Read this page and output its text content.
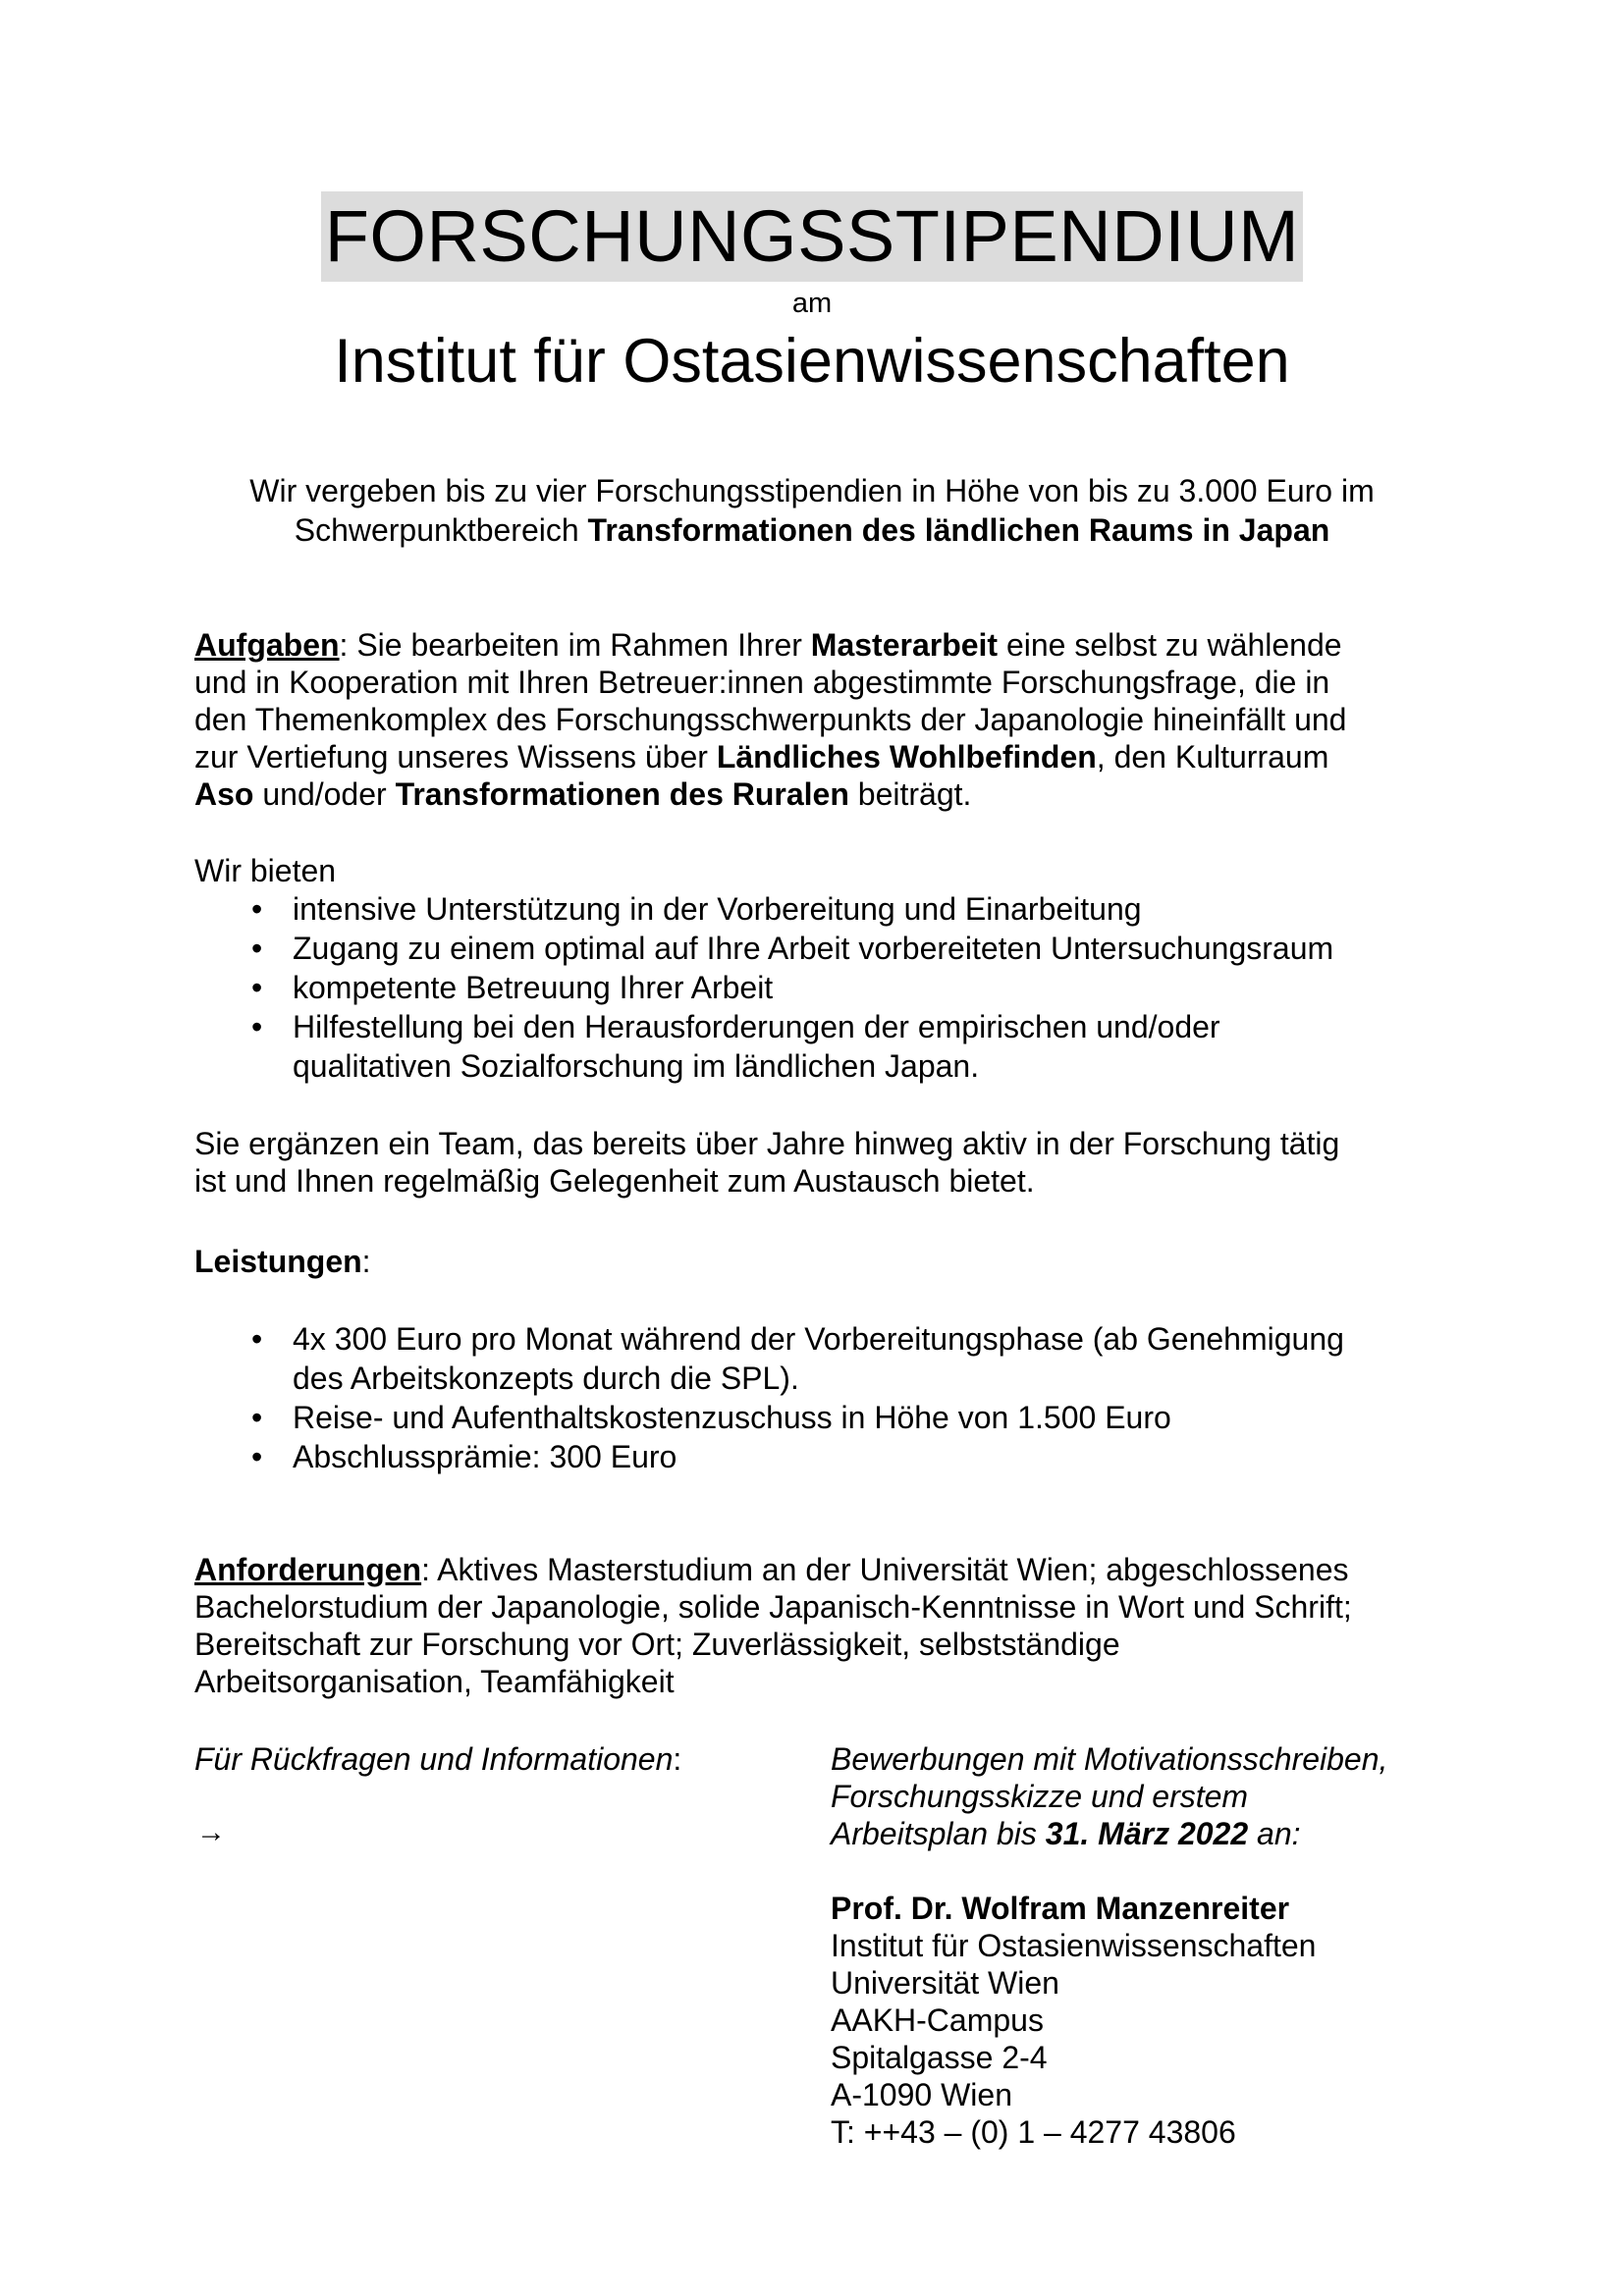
FORSCHUNGSSTIPENDIUM
am
Institut für Ostasienwissenschaften
Wir vergeben bis zu vier Forschungsstipendien in Höhe von bis zu 3.000 Euro im
Schwerpunktbereich Transformationen des ländlichen Raums in Japan
Aufgaben: Sie bearbeiten im Rahmen Ihrer Masterarbeit eine selbst zu wählende
und in Kooperation mit Ihren Betreuer:innen abgestimmte Forschungsfrage, die in
den Themenkomplex des Forschungsschwerpunkts der Japanologie hineinfällt und
zur Vertiefung unseres Wissens über Ländliches Wohlbefinden, den Kulturraum
Aso und/oder Transformationen des Ruralen beiträgt.
Wir bieten
• intensive Unterstützung in der Vorbereitung und Einarbeitung
• Zugang zu einem optimal auf Ihre Arbeit vorbereiteten Untersuchungsraum
• kompetente Betreuung Ihrer Arbeit
• Hilfestellung bei den Herausforderungen der empirischen und/oder
qualitativen Sozialforschung im ländlichen Japan.
Sie ergänzen ein Team, das bereits über Jahre hinweg aktiv in der Forschung tätig
ist und Ihnen regelmäßig Gelegenheit zum Austausch bietet.
Leistungen:
• 4x 300 Euro pro Monat während der Vorbereitungsphase (ab Genehmigung
des Arbeitskonzepts durch die SPL).
• Reise- und Aufenthaltskostenzuschuss in Höhe von 1.500 Euro
• Abschlussprämie: 300 Euro
Anforderungen: Aktives Masterstudium an der Universität Wien; abgeschlossenes
Bachelorstudium der Japanologie, solide Japanisch-Kenntnisse in Wort und Schrift;
Bereitschaft zur Forschung vor Ort; Zuverlässigkeit, selbstständige
Arbeitsorganisation, Teamfähigkeit
Für Rückfragen und Informationen:
→
Bewerbungen mit Motivationsschreiben,
Forschungsskizze und erstem
Arbeitsplan bis 31. März 2022 an:
Prof. Dr. Wolfram Manzenreiter
Institut für Ostasienwissenschaften
Universität Wien
AAKH-Campus
Spitalgasse 2-4
A-1090 Wien
T: ++43 – (0) 1 – 4277 43806
